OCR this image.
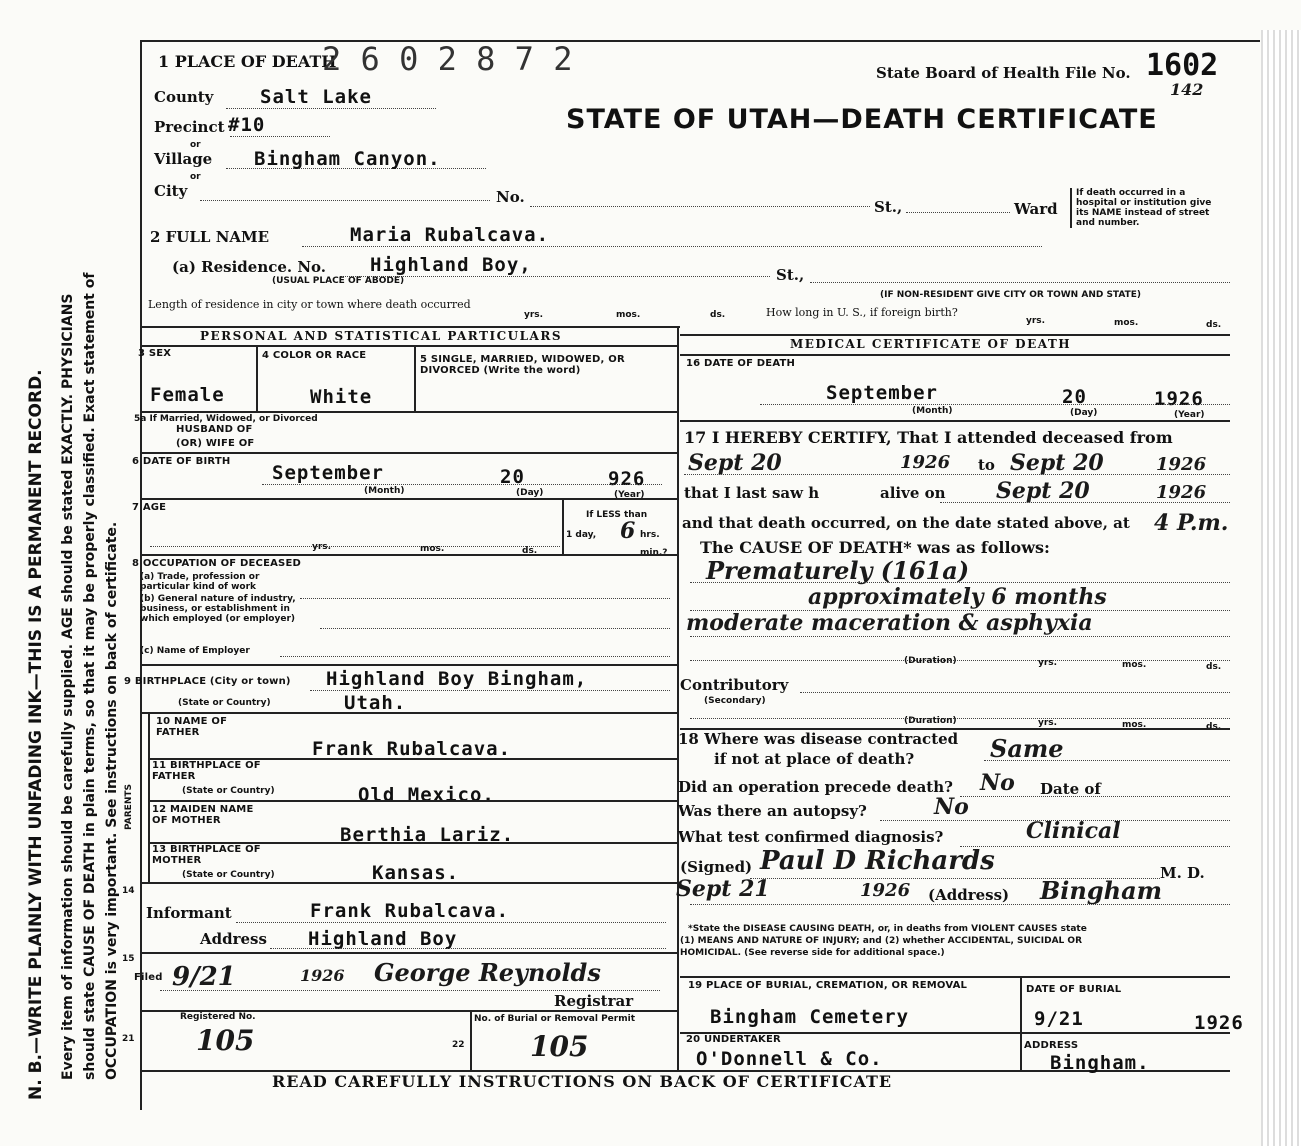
N. B.—WRITE PLAINLY WITH UNFADING INK—THIS IS A PERMANENT RECORD. Every item of information should be carefully supplied. AGE should be stated EXACTLY. PHYSICIANS should state CAUSE OF DEATH in plain terms, so that it may be properly classified. Exact statement of OCCUPATION is very important. See instructions on back of certificate.
1 PLACE OF DEATH
2 6 0 2 8 7 2	State Board of Health File No. 1602
142
STATE OF UTAH—DEATH CERTIFICATE
County Salt Lake
Precinct #10
or
Village Bingham Canyon.
or
City	No.
St.,	Ward
If death occurred in a
hospital or institution give
its NAME instead of street
and number.
2 FULL NAME	Maria Rubalcava.
(a) Residence. No. Highland Boy,
(USUAL PLACE OF ABODE)	St.,
(IF NON-RESIDENT GIVE CITY OR TOWN AND STATE)
Length of residence in city or town where death occurred
yrs.	mos.	ds.	How long in U. S., if foreign birth?
yrs.	mos.	ds.
PERSONAL AND STATISTICAL PARTICULARS
MEDICAL CERTIFICATE OF DEATH
3 SEX
Female
4 COLOR OR RACE
White
5 SINGLE, MARRIED, WIDOWED, OR DIVORCED (Write the word)
5a If Married, Widowed, or Divorced
HUSBAND OF
(OR) WIFE OF
6 DATE OF BIRTH
September	20	926
(Month)	(Day)	(Year)
7 AGE
yrs.	mos.	ds.
If LESS than
1 day, 6 hrs.
min.?
8 OCCUPATION OF DECEASED
(a) Trade, profession or particular kind of work
(b) General nature of industry, business, or establishment in which employed (or employer)
(c) Name of Employer
9 BIRTHPLACE (City or town) Highland Boy Bingham,
(State or Country)	Utah.
PARENTS
10 NAME OF FATHER
Frank Rubalcava.
11 BIRTHPLACE OF FATHER
(State or Country)	Old Mexico.
12 MAIDEN NAME OF MOTHER
Berthia Lariz.
13 BIRTHPLACE OF MOTHER
(State or Country)	Kansas.
14
Informant	Frank Rubalcava.
Address Highland Boy
15
Filed 9/21	1926 George Reynolds
Registrar
Registered No.	No. of Burial or Removal Permit
21 105	22 105
16 DATE OF DEATH
September	20	1926
(Month)	(Day)	(Year)
17 I HEREBY CERTIFY, That I attended deceased from
Sept 20	1926 to Sept 20	1926
that I last saw h	alive on Sept 20	1926
and that death occurred, on the date stated above, at 4 P.m.
The CAUSE OF DEATH* was as follows:
Prematurely (161a)
approximately 6 months
moderate maceration & asphyxia
(Duration)	yrs.	mos.	ds.
Contributory
(Secondary)
(Duration)	yrs.	mos.	ds.
18 Where was disease contracted
if not at place of death?	Same
Did an operation precede death? No Date of
Was there an autopsy?	No
What test confirmed diagnosis?	Clinical
(Signed) Paul D Richards	M. D.
Sept 21	1926 (Address) Bingham
*State the DISEASE CAUSING DEATH, or, in deaths from VIOLENT CAUSES state
(1) MEANS AND NATURE OF INJURY; and (2) whether ACCIDENTAL, SUICIDAL OR
HOMICIDAL. (See reverse side for additional space.)
19 PLACE OF BURIAL, CREMATION, OR REMOVAL
Bingham Cemetery
DATE OF BURIAL
9/21	1926
20 UNDERTAKER
O'Donnell & Co.
ADDRESS
Bingham.
READ CAREFULLY INSTRUCTIONS ON BACK OF CERTIFICATE
